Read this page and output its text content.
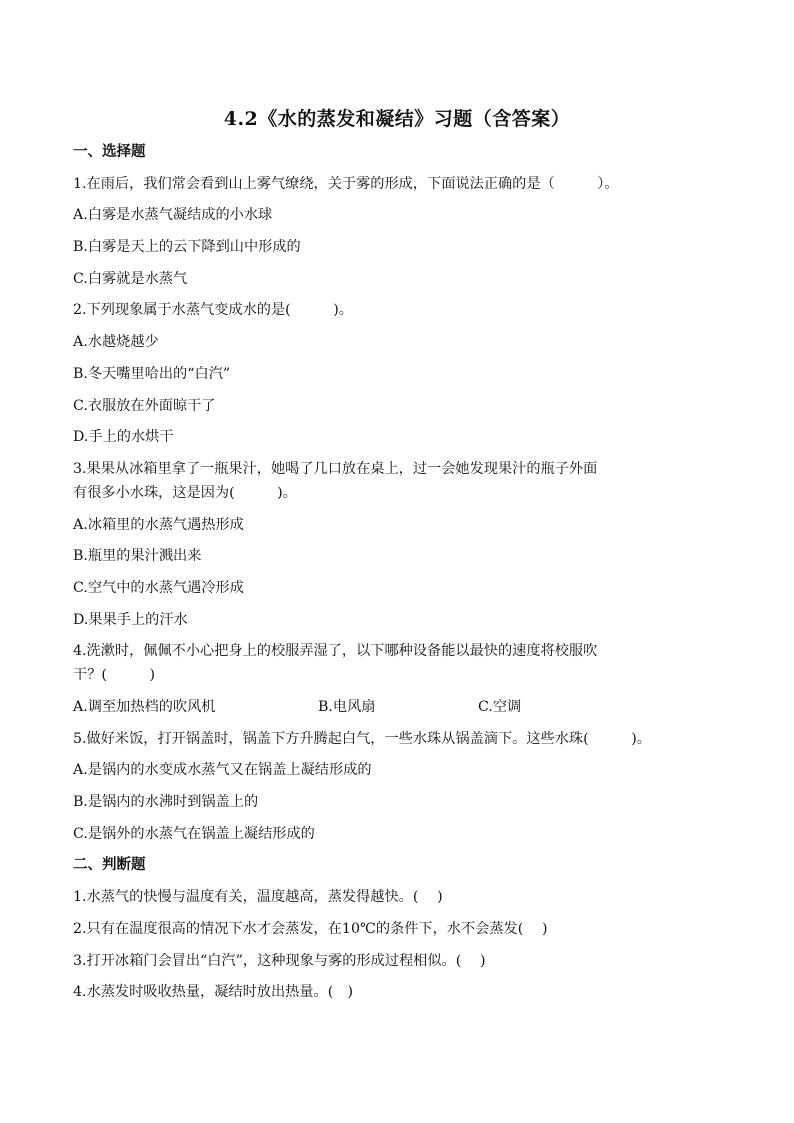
4.2《水的蒸发和凝结》习题（含答案）
一、选择题
1.在雨后，我们常会看到山上雾气缭绕，关于雾的形成，下面说法正确的是（　　　）。
A.白雾是水蒸气凝结成的小水球
B.白雾是天上的云下降到山中形成的
C.白雾就是水蒸气
2.下列现象属于水蒸气变成水的是(　　　)。
A.水越烧越少
B.冬天嘴里哈出的“白汽”
C.衣服放在外面晾干了
D.手上的水烘干
3.果果从冰箱里拿了一瓶果汁，她喝了几口放在桌上，过一会她发现果汁的瓶子外面
有很多小水珠，这是因为(　　　)。
A.冰箱里的水蒸气遇热形成
B.瓶里的果汁溅出来
C.空气中的水蒸气遇冷形成
D.果果手上的汗水
4.洗漱时，佩佩不小心把身上的校服弄湿了，以下哪种设备能以最快的速度将校服吹
干？(　　　)
A.调至加热档的吹风机	B.电风扇	C.空调
5.做好米饭，打开锅盖时，锅盖下方升腾起白气，一些水珠从锅盖滴下。这些水珠(　　　)。
A.是锅内的水变成水蒸气又在锅盖上凝结形成的
B.是锅内的水沸时到锅盖上的
C.是锅外的水蒸气在锅盖上凝结形成的
二、判断题
1.水蒸气的快慢与温度有关，温度越高，蒸发得越快。(　 )
2.只有在温度很高的情况下水才会蒸发，在10℃的条件下，水不会蒸发(　 )
3.打开冰箱门会冒出“白汽”，这种现象与雾的形成过程相似。(　 )
4.水蒸发时吸收热量，凝结时放出热量。(　)
